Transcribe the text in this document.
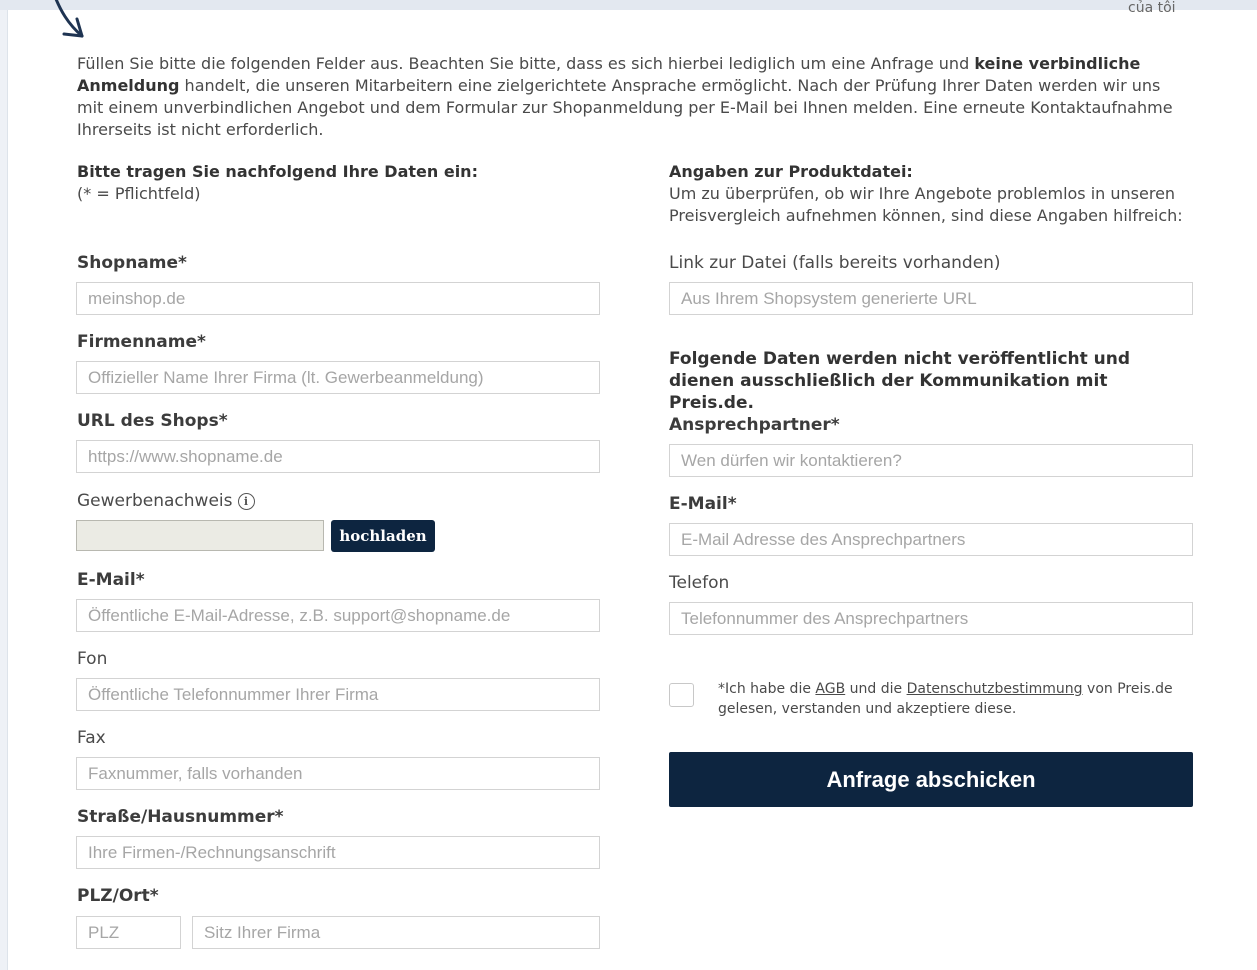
của tôi

Füllen Sie bitte die folgenden Felder aus. Beachten Sie bitte, dass es sich hierbei lediglich um eine Anfrage und keine verbindliche Anmeldung handelt, die unseren Mitarbeitern eine zielgerichtete Ansprache ermöglicht. Nach der Prüfung Ihrer Daten werden wir uns mit einem unverbindlichen Angebot und dem Formular zur Shopanmeldung per E-Mail bei Ihnen melden. Eine erneute Kontaktaufnahme Ihrerseits ist nicht erforderlich.

Bitte tragen Sie nachfolgend Ihre Daten ein:
(* = Pflichtfeld)

Shopname*

meinshop.de

Firmenname*

Offizieller Name Ihrer Firma (lt. Gewerbeanmeldung)

URL des Shops*

https://www.shopname.de

Gewerbenachweis i

hochladen

E-Mail*

Öffentliche E-Mail-Adresse, z.B. support@shopname.de

Fon

Öffentliche Telefonnummer Ihrer Firma

Fax

Faxnummer, falls vorhanden

Straße/Hausnummer*

Ihre Firmen-/Rechnungsanschrift

PLZ/Ort*

PLZ
Sitz Ihrer Firma

Angaben zur Produktdatei:
Um zu überprüfen, ob wir Ihre Angebote problemlos in unseren Preisvergleich aufnehmen können, sind diese Angaben hilfreich:

Link zur Datei (falls bereits vorhanden)

Aus Ihrem Shopsystem generierte URL

Folgende Daten werden nicht veröffentlicht und dienen ausschließlich der Kommunikation mit Preis.de.

Ansprechpartner*

Wen dürfen wir kontaktieren?

E-Mail*

E-Mail Adresse des Ansprechpartners

Telefon

Telefonnummer des Ansprechpartners

*Ich habe die AGB und die Datenschutzbestimmung von Preis.de gelesen, verstanden und akzeptiere diese.

Anfrage abschicken
